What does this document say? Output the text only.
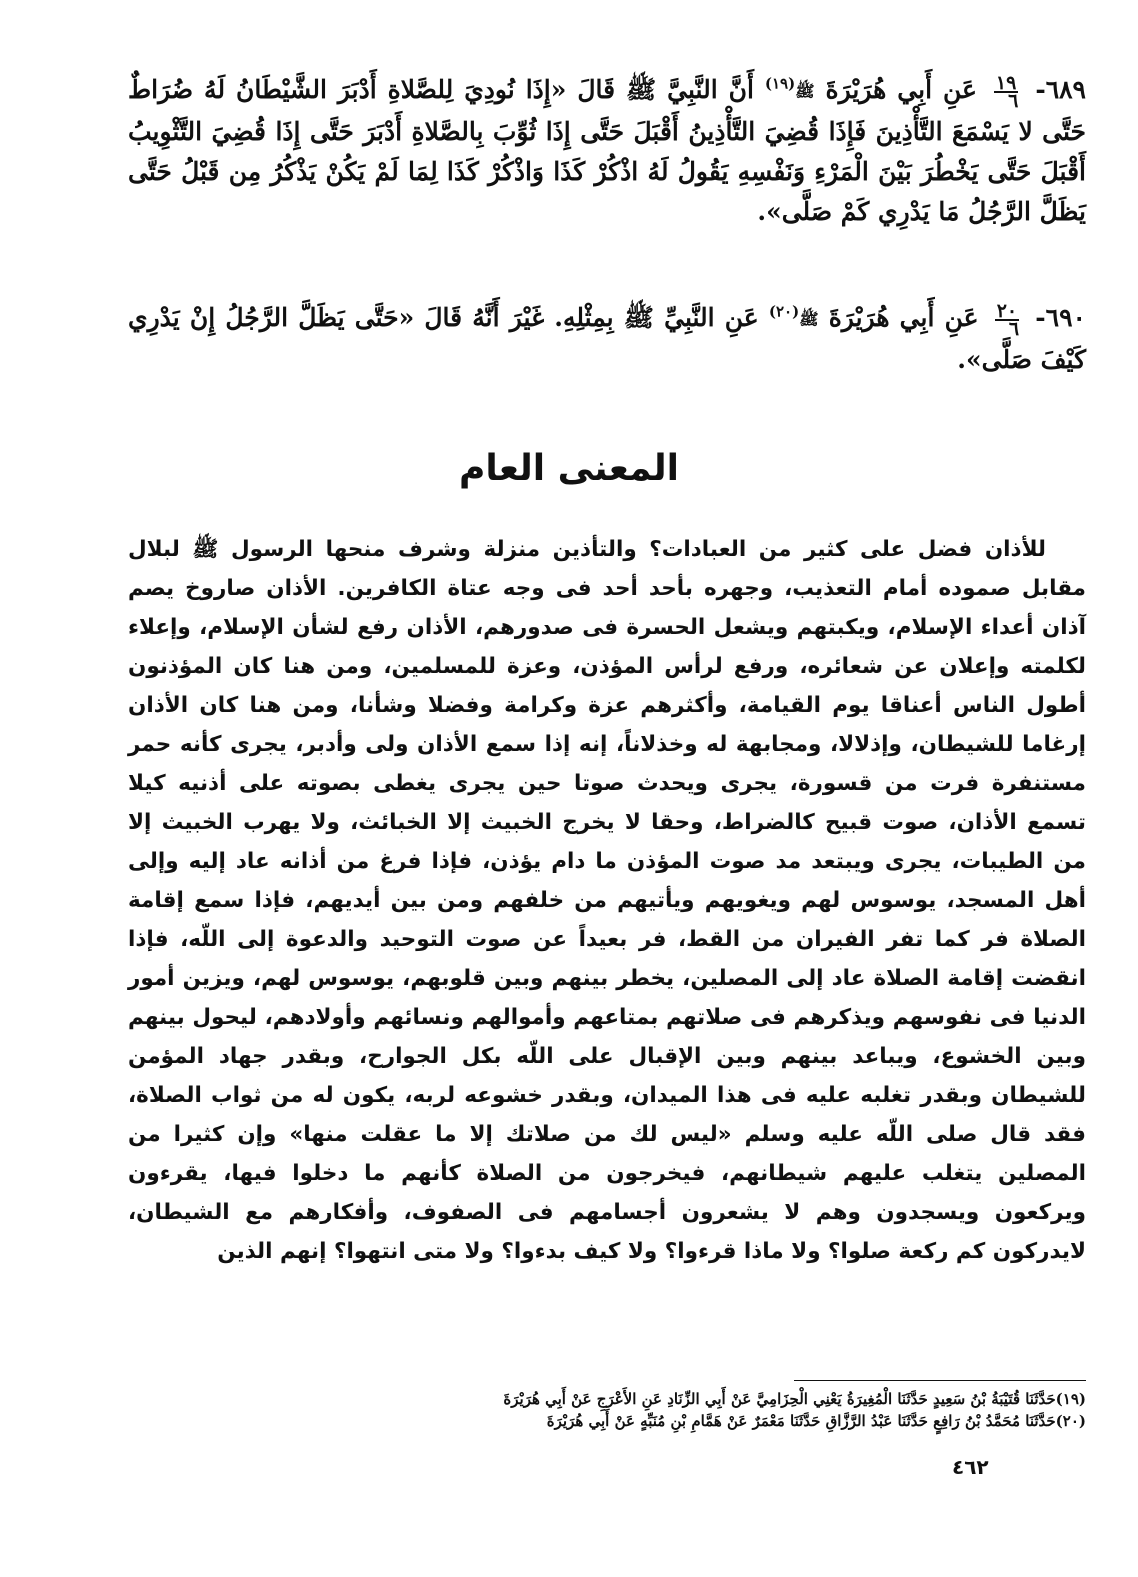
٦٨٩-
$\frac{١٩}{٦}$
عَنِ أَبِي هُرَيْرَةَ ﷺ$^{(١٩)}$ أَنَّ النَّبِيَّ ﷺ قَالَ «إِذَا نُودِيَ لِلصَّلاةِ أَدْبَرَ الشَّيْطَانُ لَهُ ضُرَاطٌ حَتَّى لا يَسْمَعَ التَّأْذِينَ فَإِذَا قُضِيَ التَّأْذِينُ أَقْبَلَ حَتَّى إِذَا ثُوِّبَ بِالصَّلاةِ أَدْبَرَ حَتَّى إِذَا قُضِيَ التَّثْوِيبُ أَقْبَلَ حَتَّى يَخْطُرَ بَيْنَ الْمَرْءِ وَنَفْسِهِ يَقُولُ لَهُ اذْكُرْ كَذَا وَاذْكُرْ كَذَا لِمَا لَمْ يَكُنْ يَذْكُرُ مِن قَبْلُ حَتَّى يَظَلَّ الرَّجُلُ مَا يَدْرِي كَمْ صَلَّى».
٦٩٠-
$\frac{٢٠}{٦}$
عَنِ أَبِي هُرَيْرَةَ ﷺ$^{(٢٠)}$ عَنِ النَّبِيِّ ﷺ بِمِثْلِهِ. غَيْرَ أَنَّهُ قَالَ «حَتَّى يَظَلَّ الرَّجُلُ إِنْ يَدْرِي كَيْفَ صَلَّى».
المعنى العام

للأذان فضل على كثير من العبادات؟ والتأذين منزلة وشرف منحها الرسول ﷺ لبلال مقابل صموده أمام التعذيب، وجهره بأحد أحد فى وجه عتاة الكافرين. الأذان صاروخ يصم آذان أعداء الإسلام، ويكبتهم ويشعل الحسرة فى صدورهم، الأذان رفع لشأن الإسلام، وإعلاء لكلمته وإعلان عن شعائره، ورفع لرأس المؤذن، وعزة للمسلمين، ومن هنا كان المؤذنون أطول الناس أعناقا يوم القيامة، وأكثرهم عزة وكرامة وفضلا وشأنا، ومن هنا كان الأذان إرغاما للشيطان، وإذلالا، ومجابهة له وخذلاناً، إنه إذا سمع الأذان ولى وأدبر، يجرى كأنه حمر مستنفرة فرت من قسورة، يجرى ويحدث صوتا حين يجرى يغطى بصوته على أذنيه كيلا تسمع الأذان، صوت قبيح كالضراط، وحقا لا يخرج الخبيث إلا الخبائث، ولا يهرب الخبيث إلا من الطيبات، يجرى ويبتعد مد صوت المؤذن ما دام يؤذن، فإذا فرغ من أذانه عاد إليه وإلى أهل المسجد، يوسوس لهم ويغويهم ويأتيهم من خلفهم ومن بين أيديهم، فإذا سمع إقامة الصلاة فر كما تفر الفيران من القط، فر بعيداً عن صوت التوحيد والدعوة إلى اللّه، فإذا انقضت إقامة الصلاة عاد إلى المصلين، يخطر بينهم وبين قلوبهم، يوسوس لهم، ويزين أمور الدنيا فى نفوسهم ويذكرهم فى صلاتهم بمتاعهم وأموالهم ونسائهم وأولادهم، ليحول بينهم وبين الخشوع، ويباعد بينهم وبين الإقبال على اللّه بكل الجوارح، وبقدر جهاد المؤمن للشيطان وبقدر تغلبه عليه فى هذا الميدان، وبقدر خشوعه لربه، يكون له من ثواب الصلاة، فقد قال صلى اللّه عليه وسلم «ليس لك من صلاتك إلا ما عقلت منها» وإن كثيرا من المصلين يتغلب عليهم شيطانهم، فيخرجون من الصلاة كأنهم ما دخلوا فيها، يقرءون ويركعون ويسجدون وهم لا يشعرون أجسامهم فى الصفوف، وأفكارهم مع الشيطان، لايدركون كم ركعة صلوا؟ ولا ماذا قرءوا؟ ولا كيف بدءوا؟ ولا متى انتهوا؟ إنهم الذين

(١٩)حَدَّثَنَا قُتَيْبَةُ بْنُ سَعِيدٍ حَدَّثَنَا الْمُغِيرَةُ يَعْنِي الْحِزَامِيَّ عَنْ أَبِي الزِّنَادِ عَنِ الأَعْرَجِ عَنْ أَبِي هُرَيْرَةَ
(٢٠)حَدَّثَنَا مُحَمَّدُ بْنُ رَافِعٍ حَدَّثَنَا عَبْدُ الرَّزَّاقِ حَدَّثَنَا مَعْمَرٌ عَنْ هَمَّامِ بْنِ مُنَبِّهٍ عَنْ أَبِي هُرَيْرَةَ
٤٦٢
